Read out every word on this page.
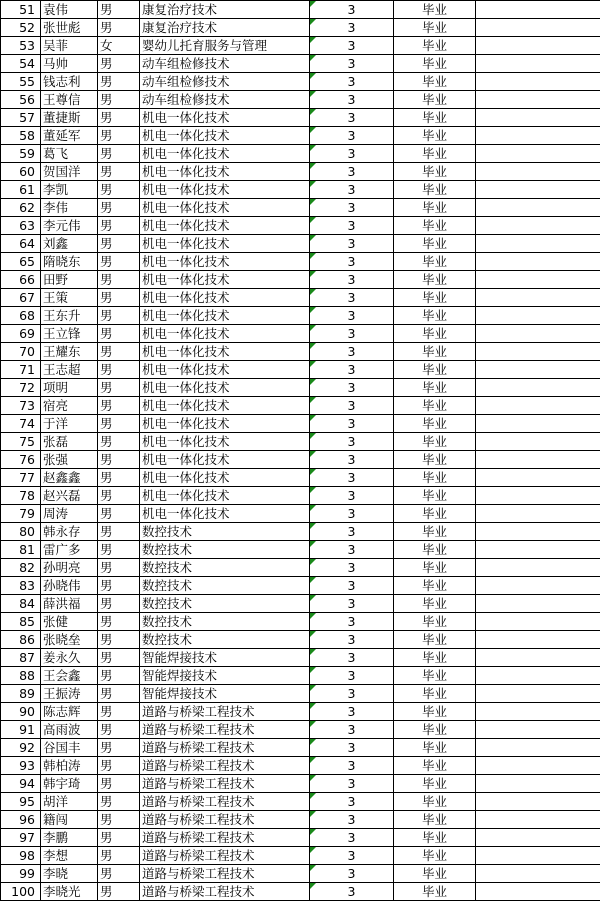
51	袁伟	男	康复治疗技术	3	毕业	
52	张世彪	男	康复治疗技术	3	毕业	
53	吴菲	女	婴幼儿托育服务与管理	3	毕业	
54	马帅	男	动车组检修技术	3	毕业	
55	钱志利	男	动车组检修技术	3	毕业	
56	王尊信	男	动车组检修技术	3	毕业	
57	董捷斯	男	机电一体化技术	3	毕业	
58	董延军	男	机电一体化技术	3	毕业	
59	葛飞	男	机电一体化技术	3	毕业	
60	贺国洋	男	机电一体化技术	3	毕业	
61	李凯	男	机电一体化技术	3	毕业	
62	李伟	男	机电一体化技术	3	毕业	
63	李元伟	男	机电一体化技术	3	毕业	
64	刘鑫	男	机电一体化技术	3	毕业	
65	隋晓东	男	机电一体化技术	3	毕业	
66	田野	男	机电一体化技术	3	毕业	
67	王策	男	机电一体化技术	3	毕业	
68	王东升	男	机电一体化技术	3	毕业	
69	王立锋	男	机电一体化技术	3	毕业	
70	王耀东	男	机电一体化技术	3	毕业	
71	王志超	男	机电一体化技术	3	毕业	
72	项明	男	机电一体化技术	3	毕业	
73	宿亮	男	机电一体化技术	3	毕业	
74	于洋	男	机电一体化技术	3	毕业	
75	张磊	男	机电一体化技术	3	毕业	
76	张强	男	机电一体化技术	3	毕业	
77	赵鑫鑫	男	机电一体化技术	3	毕业	
78	赵兴磊	男	机电一体化技术	3	毕业	
79	周涛	男	机电一体化技术	3	毕业	
80	韩永存	男	数控技术	3	毕业	
81	雷广多	男	数控技术	3	毕业	
82	孙明亮	男	数控技术	3	毕业	
83	孙晓伟	男	数控技术	3	毕业	
84	薛洪福	男	数控技术	3	毕业	
85	张健	男	数控技术	3	毕业	
86	张晓垒	男	数控技术	3	毕业	
87	姜永久	男	智能焊接技术	3	毕业	
88	王会鑫	男	智能焊接技术	3	毕业	
89	王振涛	男	智能焊接技术	3	毕业	
90	陈志辉	男	道路与桥梁工程技术	3	毕业	
91	高雨波	男	道路与桥梁工程技术	3	毕业	
92	谷国丰	男	道路与桥梁工程技术	3	毕业	
93	韩柏涛	男	道路与桥梁工程技术	3	毕业	
94	韩宇琦	男	道路与桥梁工程技术	3	毕业	
95	胡洋	男	道路与桥梁工程技术	3	毕业	
96	籍闯	男	道路与桥梁工程技术	3	毕业	
97	李鹏	男	道路与桥梁工程技术	3	毕业	
98	李想	男	道路与桥梁工程技术	3	毕业	
99	李晓	男	道路与桥梁工程技术	3	毕业	
100	李晓光	男	道路与桥梁工程技术	3	毕业	
